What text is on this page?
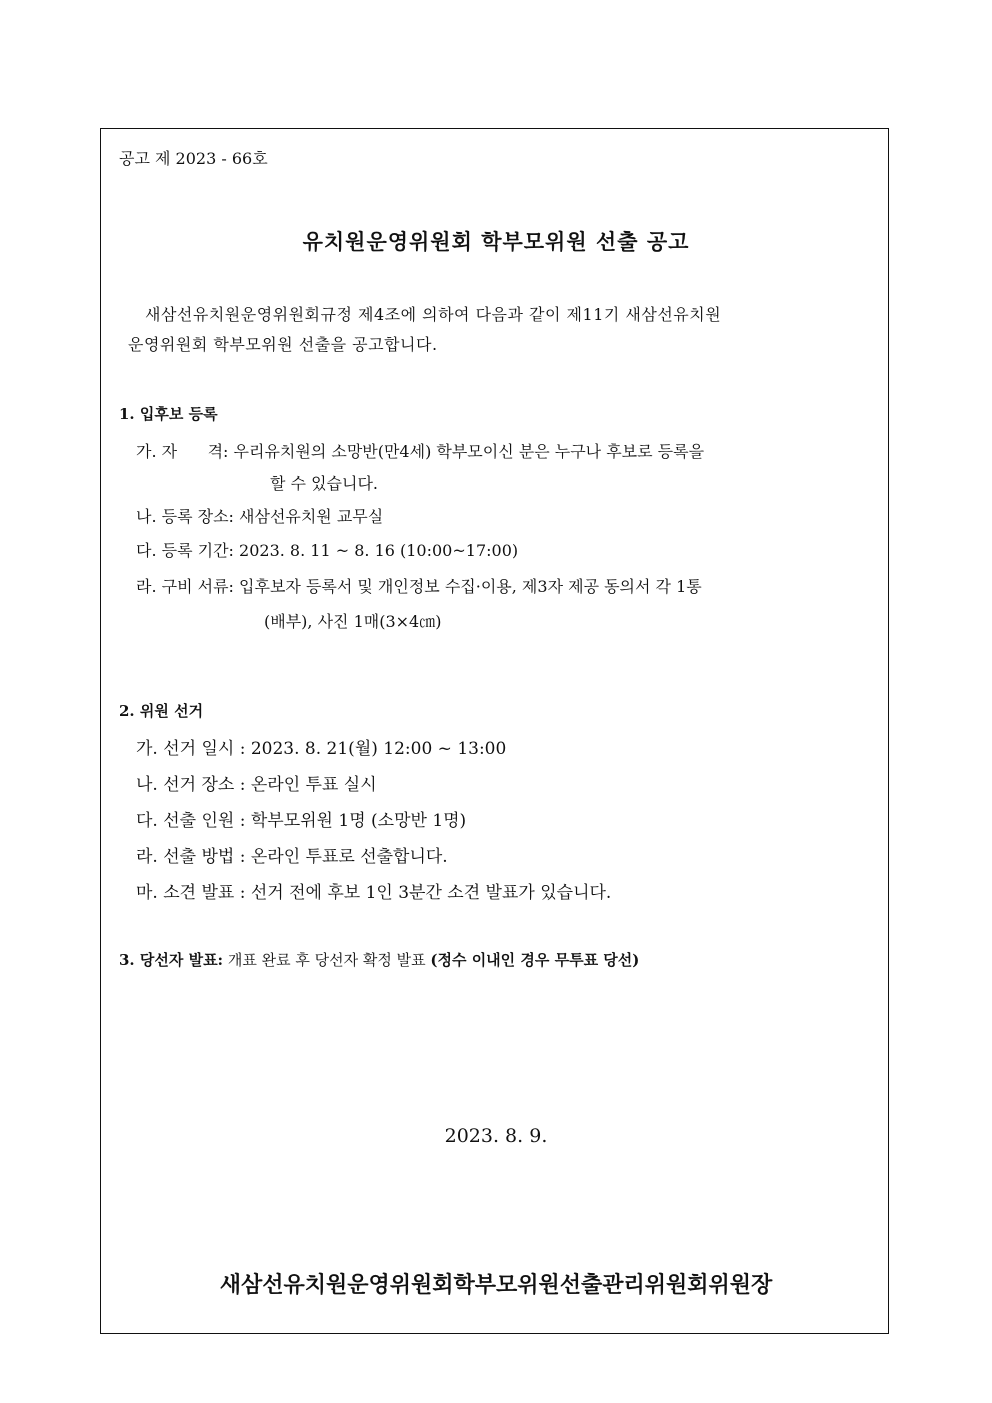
공고 제 2023 - 66호
유치원운영위원회 학부모위원 선출 공고
새삼선유치원운영위원회규정 제4조에 의하여 다음과 같이 제11기 새삼선유치원
운영위원회 학부모위원 선출을 공고합니다.
1. 입후보 등록
가. 자      격: 우리유치원의 소망반(만4세) 학부모이신 분은 누구나 후보로 등록을
할 수 있습니다.
나. 등록 장소: 새삼선유치원 교무실
다. 등록 기간: 2023. 8. 11 ~ 8. 16 (10:00~17:00)
라. 구비 서류: 입후보자 등록서 및 개인정보 수집·이용, 제3자 제공 동의서 각 1통
(배부), 사진 1매(3×4㎝)
2. 위원 선거
가. 선거 일시 : 2023. 8. 21(월) 12:00 ~ 13:00
나. 선거 장소 : 온라인 투표 실시
다. 선출 인원 : 학부모위원 1명 (소망반 1명)
라. 선출 방법 : 온라인 투표로 선출합니다.
마. 소견 발표 : 선거 전에 후보 1인 3분간 소견 발표가 있습니다.
3. 당선자 발표: 개표 완료 후 당선자 확정 발표 (정수 이내인 경우 무투표 당선)
2023. 8. 9.
새삼선유치원운영위원회학부모위원선출관리위원회위원장
